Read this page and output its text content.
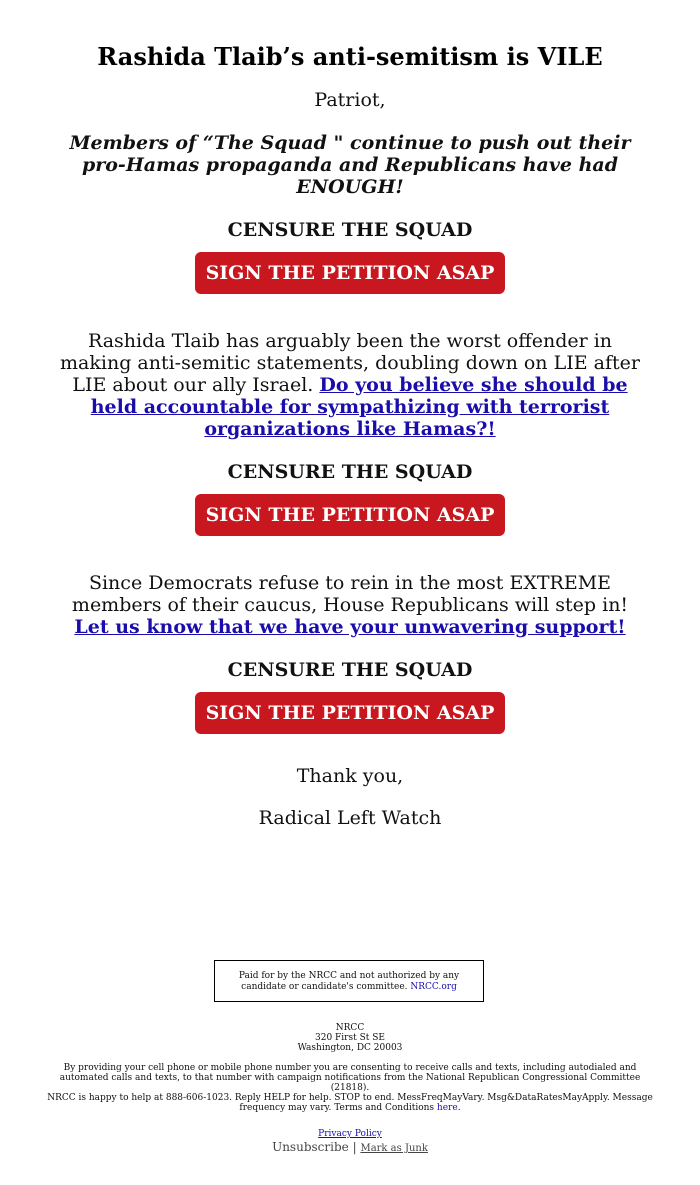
Rashida Tlaib’s anti-semitism is VILE

Patriot,

Members of “The Squad " continue to push out their pro-Hamas propaganda and Republicans have had ENOUGH!

CENSURE THE SQUAD

SIGN THE PETITION ASAP

Rashida Tlaib has arguably been the worst offender in making anti-semitic statements, doubling down on LIE after LIE about our ally Israel. Do you believe she should be held accountable for sympathizing with terrorist organizations like Hamas?!

CENSURE THE SQUAD

SIGN THE PETITION ASAP

Since Democrats refuse to rein in the most EXTREME members of their caucus, House Republicans will step in! Let us know that we have your unwavering support!

CENSURE THE SQUAD

SIGN THE PETITION ASAP

Thank you,

Radical Left Watch

Paid for by the NRCC and not authorized by any candidate or candidate's committee. NRCC.org
NRCC
320 First St SE
Washington, DC 20003
By providing your cell phone or mobile phone number you are consenting to receive calls and texts, including autodialed and automated calls and texts, to that number with campaign notifications from the National Republican Congressional Committee (21818).
NRCC is happy to help at 888-606-1023. Reply HELP for help. STOP to end. MessFreqMayVary. Msg&DataRatesMayApply. Message frequency may vary. Terms and Conditions here.
Privacy Policy
Unsubscribe | Mark as Junk
